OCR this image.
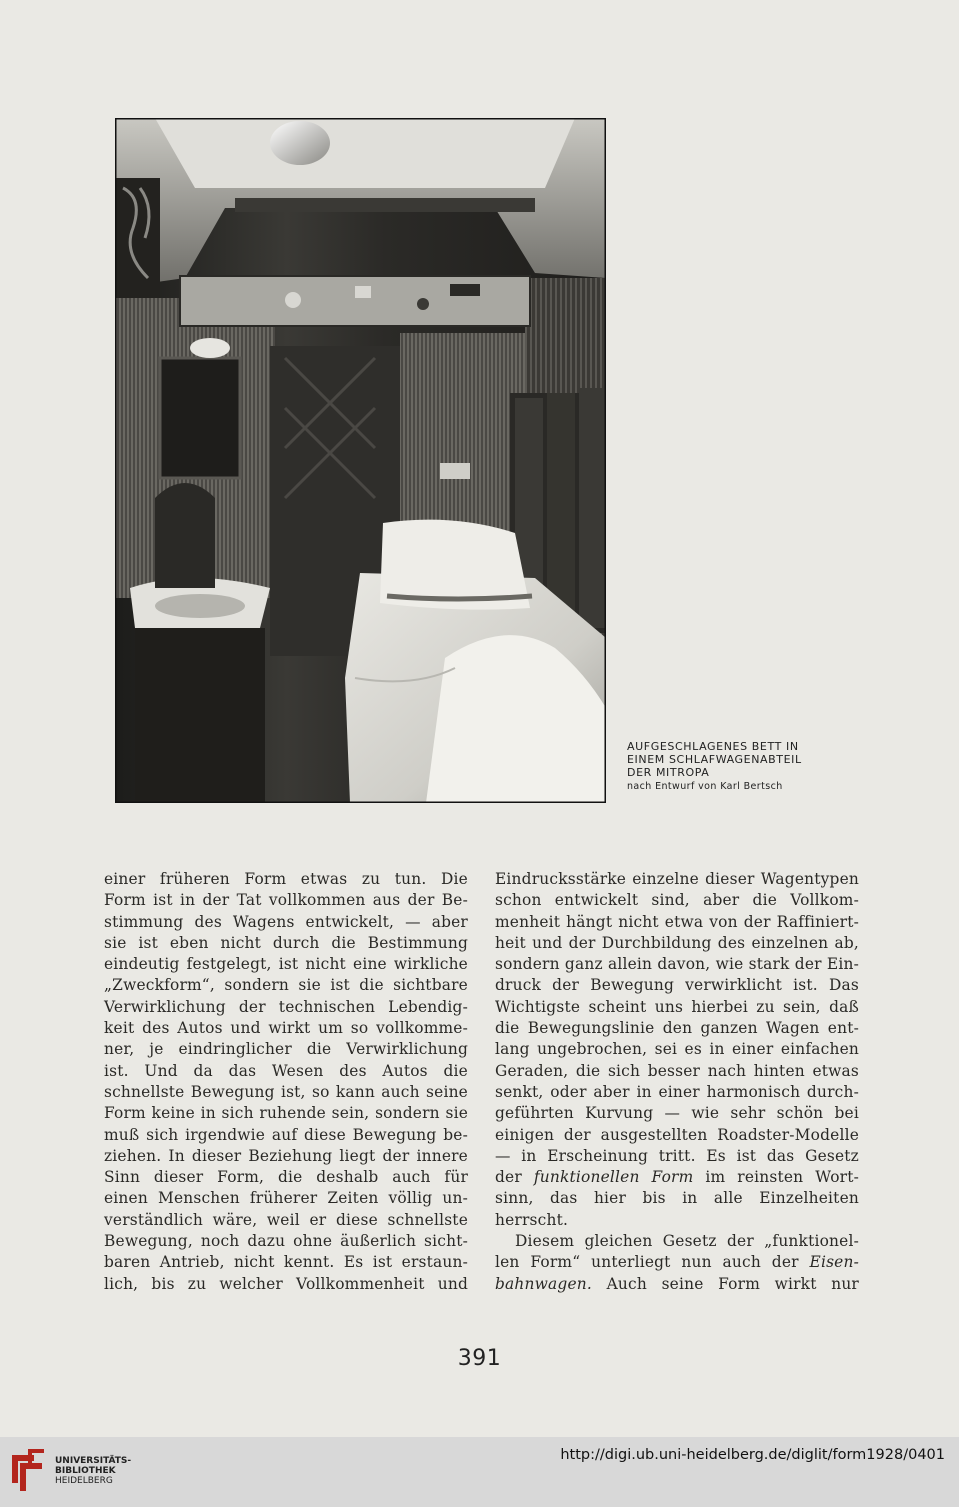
AUFGESCHLAGENES BETT IN
EINEM SCHLAFWAGENABTEIL
DER MITROPA
nach Entwurf von Karl Bertsch
einer früheren Form etwas zu tun. Die
Form ist in der Tat vollkommen aus der Be-
stimmung des Wagens entwickelt, — aber
sie ist eben nicht durch die Bestimmung
eindeutig festgelegt, ist nicht eine wirkliche
„Zweckform“, sondern sie ist die sichtbare
Verwirklichung der technischen Lebendig-
keit des Autos und wirkt um so vollkomme-
ner, je eindringlicher die Verwirklichung
ist. Und da das Wesen des Autos die
schnellste Bewegung ist, so kann auch seine
Form keine in sich ruhende sein, sondern sie
muß sich irgendwie auf diese Bewegung be-
ziehen. In dieser Beziehung liegt der innere
Sinn dieser Form, die deshalb auch für
einen Menschen früherer Zeiten völlig un-
verständlich wäre, weil er diese schnellste
Bewegung, noch dazu ohne äußerlich sicht-
baren Antrieb, nicht kennt. Es ist erstaun-
lich, bis zu welcher Vollkommenheit und
Eindrucksstärke einzelne dieser Wagentypen
schon entwickelt sind, aber die Vollkom-
menheit hängt nicht etwa von der Raffiniert-
heit und der Durchbildung des einzelnen ab,
sondern ganz allein davon, wie stark der Ein-
druck der Bewegung verwirklicht ist. Das
Wichtigste scheint uns hierbei zu sein, daß
die Bewegungslinie den ganzen Wagen ent-
lang ungebrochen, sei es in einer einfachen
Geraden, die sich besser nach hinten etwas
senkt, oder aber in einer harmonisch durch-
geführten Kurvung — wie sehr schön bei
einigen der ausgestellten Roadster-Modelle
— in Erscheinung tritt. Es ist das Gesetz
der funktionellen Form im reinsten Wort-
sinn, das hier bis in alle Einzelheiten
herrscht.
Diesem gleichen Gesetz der „funktionel-
len Form“ unterliegt nun auch der Eisen-
bahnwagen. Auch seine Form wirkt nur
391
UNIVERSITÄTS-
BIBLIOTHEK
HEIDELBERG
http://digi.ub.uni-heidelberg.de/diglit/form1928/0401
